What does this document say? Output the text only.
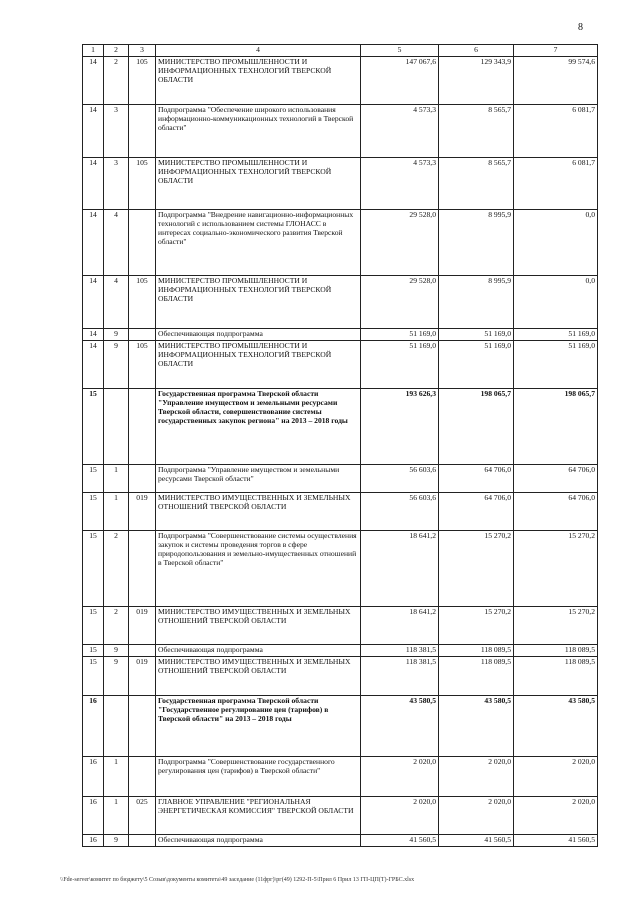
8
1	2	3	4	5	6	7
14	2	105	МИНИСТЕРСТВО ПРОМЫШЛЕННОСТИ И ИНФОРМАЦИОННЫХ ТЕХНОЛОГИЙ ТВЕРСКОЙ ОБЛАСТИ	147 067,6	129 343,9	99 574,6
14	3		Подпрограмма "Обеспечение широкого использования информационно-коммуникационных технологий в Тверской области"	4 573,3	8 565,7	6 081,7
14	3	105	МИНИСТЕРСТВО ПРОМЫШЛЕННОСТИ И ИНФОРМАЦИОННЫХ ТЕХНОЛОГИЙ ТВЕРСКОЙ ОБЛАСТИ	4 573,3	8 565,7	6 081,7
14	4		Подпрограмма "Внедрение навигационно-информационных технологий с использованием системы ГЛОНАСС в интересах социально-экономического развития Тверской области"	29 528,0	8 995,9	0,0
14	4	105	МИНИСТЕРСТВО ПРОМЫШЛЕННОСТИ И ИНФОРМАЦИОННЫХ ТЕХНОЛОГИЙ ТВЕРСКОЙ ОБЛАСТИ	29 528,0	8 995,9	0,0
14	9		Обеспечивающая подпрограмма	51 169,0	51 169,0	51 169,0
14	9	105	МИНИСТЕРСТВО ПРОМЫШЛЕННОСТИ И ИНФОРМАЦИОННЫХ ТЕХНОЛОГИЙ ТВЕРСКОЙ ОБЛАСТИ	51 169,0	51 169,0	51 169,0
15			Государственная программа Тверской области "Управление имуществом и земельными ресурсами Тверской области, совершенствование системы государственных закупок региона" на 2013 – 2018 годы	193 626,3	198 065,7	198 065,7
15	1		Подпрограмма "Управление имуществом и земельными ресурсами Тверской области"	56 603,6	64 706,0	64 706,0
15	1	019	МИНИСТЕРСТВО ИМУЩЕСТВЕННЫХ И ЗЕМЕЛЬНЫХ ОТНОШЕНИЙ ТВЕРСКОЙ ОБЛАСТИ	56 603,6	64 706,0	64 706,0
15	2		Подпрограмма "Совершенствование системы осуществления закупок и системы проведения торгов в сфере природопользования и земельно-имущественных отношений в Тверской области"	18 641,2	15 270,2	15 270,2
15	2	019	МИНИСТЕРСТВО ИМУЩЕСТВЕННЫХ И ЗЕМЕЛЬНЫХ ОТНОШЕНИЙ ТВЕРСКОЙ ОБЛАСТИ	18 641,2	15 270,2	15 270,2
15	9		Обеспечивающая подпрограмма	118 381,5	118 089,5	118 089,5
15	9	019	МИНИСТЕРСТВО ИМУЩЕСТВЕННЫХ И ЗЕМЕЛЬНЫХ ОТНОШЕНИЙ ТВЕРСКОЙ ОБЛАСТИ	118 381,5	118 089,5	118 089,5
16			Государственная программа Тверской области "Государственное регулирование цен (тарифов) в Тверской области" на 2013 – 2018 годы	43 580,5	43 580,5	43 580,5
16	1		Подпрограмма "Совершенствование государственного регулирования цен (тарифов) в Тверской области"	2 020,0	2 020,0	2 020,0
16	1	025	ГЛАВНОЕ УПРАВЛЕНИЕ "РЕГИОНАЛЬНАЯ ЭНЕРГЕТИЧЕСКАЯ КОМИССИЯ" ТВЕРСКОЙ ОБЛАСТИ	2 020,0	2 020,0	2 020,0
16	9		Обеспечивающая подпрограмма	41 560,5	41 560,5	41 560,5
\\Fde-server\комитет по бюджету\5 Созыв\документы комитета\49 заседание (11фрг)\рг(49) 1292-П-5\Прил 6 Прил 13 ГП-ЦП(Т)-ГРБС.xlsx
